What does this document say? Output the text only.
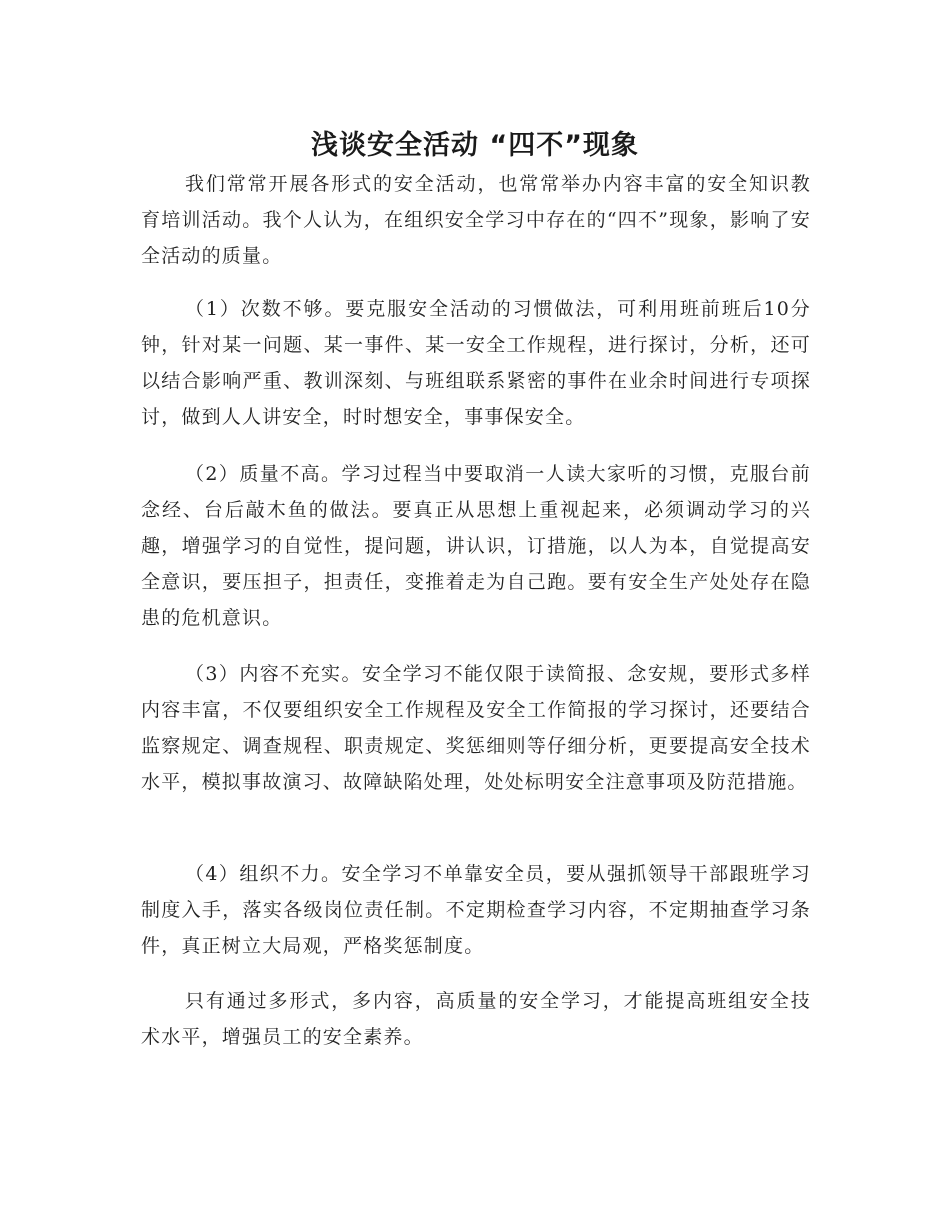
浅谈安全活动 “四不”现象

我们常常开展各形式的安全活动，也常常举办内容丰富的安全知识教育培训活动。我个人认为，在组织安全学习中存在的“四不”现象，影响了安全活动的质量。

（1）次数不够。要克服安全活动的习惯做法，可利用班前班后10分钟，针对某一问题、某一事件、某一安全工作规程，进行探讨，分析，还可以结合影响严重、教训深刻、与班组联系紧密的事件在业余时间进行专项探讨，做到人人讲安全，时时想安全，事事保安全。

（2）质量不高。学习过程当中要取消一人读大家听的习惯，克服台前念经、台后敲木鱼的做法。要真正从思想上重视起来，必须调动学习的兴趣，增强学习的自觉性，提问题，讲认识，订措施，以人为本，自觉提高安全意识，要压担子，担责任，变推着走为自己跑。要有安全生产处处存在隐患的危机意识。

（3）内容不充实。安全学习不能仅限于读简报、念安规，要形式多样内容丰富，不仅要组织安全工作规程及安全工作简报的学习探讨，还要结合监察规定、调查规程、职责规定、奖惩细则等仔细分析，更要提高安全技术水平，模拟事故演习、故障缺陷处理，处处标明安全注意事项及防范措施。

（4）组织不力。安全学习不单靠安全员，要从强抓领导干部跟班学习制度入手，落实各级岗位责任制。不定期检查学习内容，不定期抽查学习条件，真正树立大局观，严格奖惩制度。

只有通过多形式，多内容，高质量的安全学习，才能提高班组安全技术水平，增强员工的安全素养。
